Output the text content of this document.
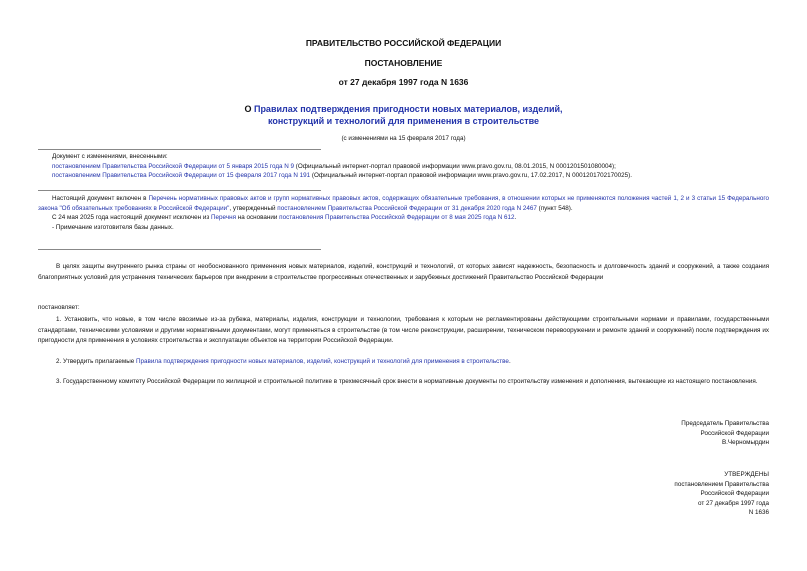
ПРАВИТЕЛЬСТВО РОССИЙСКОЙ ФЕДЕРАЦИИ
ПОСТАНОВЛЕНИЕ
от 27 декабря 1997 года N 1636
О Правилах подтверждения пригодности новых материалов, изделий,
конструкций и технологий для применения в строительстве
(с изменениями на 15 февраля 2017 года)
Документ с изменениями, внесенными:
постановлением Правительства Российской Федерации от 5 января 2015 года N 9 (Официальный интернет-портал правовой информации www.pravo.gov.ru, 08.01.2015, N 0001201501080004);
постановлением Правительства Российской Федерации от 15 февраля 2017 года N 191 (Официальный интернет-портал правовой информации www.pravo.gov.ru, 17.02.2017, N 0001201702170025).
Настоящий документ включен в Перечень нормативных правовых актов и групп нормативных правовых актов, содержащих обязательные требования, в отношении которых не применяются положения частей 1, 2 и 3 статьи 15 Федерального закона "Об обязательных требованиях в Российской Федерации", утвержденный постановлением Правительства Российской Федерации от 31 декабря 2020 года N 2467 (пункт 548).
С 24 мая 2025 года настоящий документ исключен из Перечня на основании постановления Правительства Российской Федерации от 8 мая 2025 года N 612.
- Примечание изготовителя базы данных.
В целях защиты внутреннего рынка страны от необоснованного применения новых материалов, изделий, конструкций и технологий, от которых зависят надежность, безопасность и долговечность зданий и сооружений, а также создания благоприятных условий для устранения технических барьеров при внедрении в строительстве прогрессивных отечественных и зарубежных достижений Правительство Российской Федерации
постановляет:
1. Установить, что новые, в том числе ввозимые из-за рубежа, материалы, изделия, конструкции и технологии, требования к которым не регламентированы действующими строительными нормами и правилами, государственными стандартами, техническими условиями и другими нормативными документами, могут применяться в строительстве (в том числе реконструкции, расширении, техническом перевооружении и ремонте зданий и сооружений) после подтверждения их пригодности для применения в условиях строительства и эксплуатации объектов на территории Российской Федерации.
2. Утвердить прилагаемые Правила подтверждения пригодности новых материалов, изделий, конструкций и технологий для применения в строительстве.
3. Государственному комитету Российской Федерации по жилищной и строительной политике в трехмесячный срок внести в нормативные документы по строительству изменения и дополнения, вытекающие из настоящего постановления.
Председатель Правительства
Российской Федерации
В.Черномырдин
УТВЕРЖДЕНЫ
постановлением Правительства
Российской Федерации
от 27 декабря 1997 года
N 1636
